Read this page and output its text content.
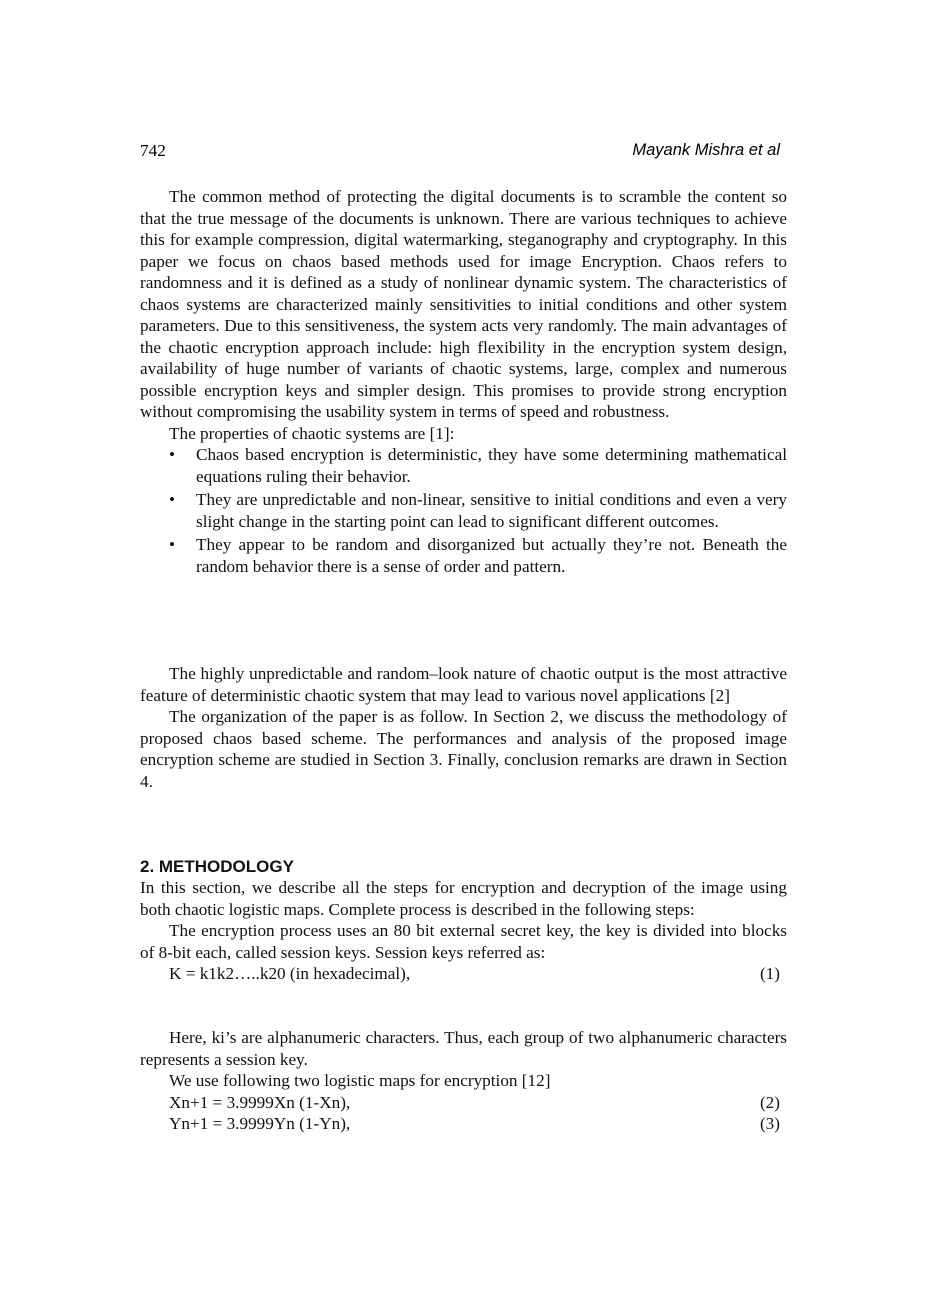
742	Mayank Mishra et al

The common method of protecting the digital documents is to scramble the content so that the true message of the documents is unknown. There are various techniques to achieve this for example compression, digital watermarking, steganography and cryptography. In this paper we focus on chaos based methods used for image Encryption. Chaos refers to randomness and it is defined as a study of nonlinear dynamic system. The characteristics of chaos systems are characterized mainly sensitivities to initial conditions and other system parameters. Due to this sensitiveness, the system acts very randomly. The main advantages of the chaotic encryption approach include: high flexibility in the encryption system design, availability of huge number of variants of chaotic systems, large, complex and numerous possible encryption keys and simpler design. This promises to provide strong encryption without compromising the usability system in terms of speed and robustness.

The properties of chaotic systems are [1]:

• Chaos based encryption is deterministic, they have some determining mathematical equations ruling their behavior.
• They are unpredictable and non-linear, sensitive to initial conditions and even a very slight change in the starting point can lead to significant different outcomes.
• They appear to be random and disorganized but actually they’re not. Beneath the random behavior there is a sense of order and pattern.

The highly unpredictable and random–look nature of chaotic output is the most attractive feature of deterministic chaotic system that may lead to various novel applications [2]

The organization of the paper is as follow. In Section 2, we discuss the methodology of proposed chaos based scheme. The performances and analysis of the proposed image encryption scheme are studied in Section 3. Finally, conclusion remarks are drawn in Section 4.

2. METHODOLOGY

In this section, we describe all the steps for encryption and decryption of the image using both chaotic logistic maps. Complete process is described in the following steps:

The encryption process uses an 80 bit external secret key, the key is divided into blocks of 8-bit each, called session keys. Session keys referred as:

K = k1k2…..k20 (in hexadecimal),	(1)

Here, ki’s are alphanumeric characters. Thus, each group of two alphanumeric characters represents a session key.

We use following two logistic maps for encryption [12]

Xn+1 = 3.9999Xn (1-Xn),	(2)
Yn+1 = 3.9999Yn (1-Yn),	(3)
